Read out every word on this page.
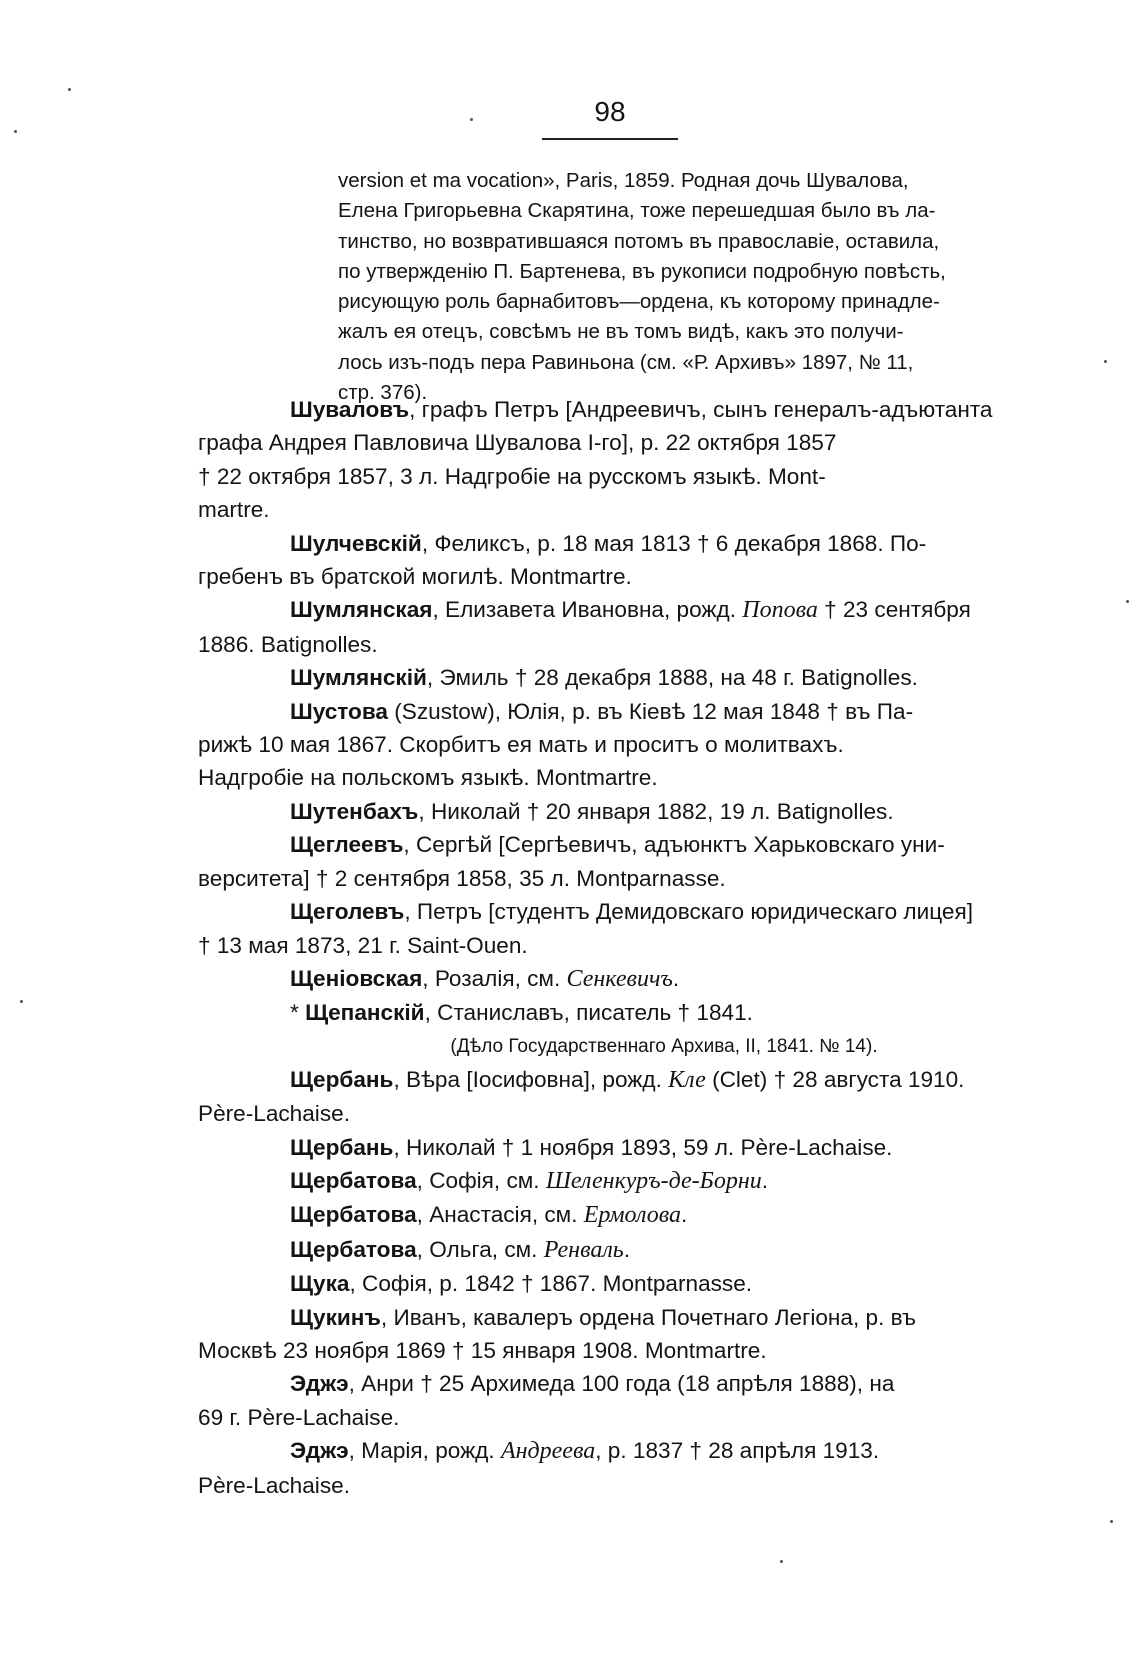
98
version et ma vocation», Paris, 1859. Родная дочь Шувалова,
Елена Григорьевна Скарятина, тоже перешедшая было въ ла-
тинство, но возвратившаяся потомъ въ православіе, оставила,
по утвержденію П. Бартенева, въ рукописи подробную повѣсть,
рисующую роль барнабитовъ—ордена, къ которому принадле-
жалъ ея отецъ, совсѣмъ не въ томъ видѣ, какъ это получи-
лось изъ-подъ пера Равиньона (см. «Р. Архивъ» 1897, № 11,
стр. 376).
Шуваловъ, графъ Петръ [Андреевичъ, сынъ генералъ-адъютанта
графа Андрея Павловича Шувалова I-го], р. 22 октября 1857
† 22 октября 1857, 3 л. Надгробіе на русскомъ языкѣ. Mont-
martre.
Шулчевскій, Феликсъ, р. 18 мая 1813 † 6 декабря 1868. По-
гребенъ въ братской могилѣ. Montmartre.
Шумлянская, Елизавета Ивановна, рожд. Попова † 23 сентября
1886. Batignolles.
Шумлянскій, Эмиль † 28 декабря 1888, на 48 г. Batignolles.
Шустова (Szustow), Юлія, р. въ Кіевѣ 12 мая 1848 † въ Па-
рижѣ 10 мая 1867. Скорбитъ ея мать и проситъ о молитвахъ.
Надгробіе на польскомъ языкѣ. Montmartre.
Шутенбахъ, Николай † 20 января 1882, 19 л. Batignolles.
Щеглеевъ, Сергѣй [Сергѣевичъ, адъюнктъ Харьковскаго уни-
верситета] † 2 сентября 1858, 35 л. Montparnasse.
Щеголевъ, Петръ [студентъ Демидовскаго юридическаго лицея]
† 13 мая 1873, 21 г. Saint-Ouen.
Щеніовская, Розалія, см. Сенкевичъ.
* Щепанскій, Станиславъ, писатель † 1841.
(Дѣло Государственнаго Архива, II, 1841. № 14).
Щербань, Вѣра [Іосифовна], рожд. Кле (Clet) † 28 августа 1910.
Père-Lachaise.
Щербань, Николай † 1 ноября 1893, 59 л. Père-Lachaise.
Щербатова, Софія, см. Шеленкуръ-де-Борни.
Щербатова, Анастасія, см. Ермолова.
Щербатова, Ольга, см. Ренваль.
Щука, Софія, р. 1842 † 1867. Montparnasse.
Щукинъ, Иванъ, кавалеръ ордена Почетнаго Легіона, р. въ
Москвѣ 23 ноября 1869 † 15 января 1908. Montmartre.
Эджэ, Анри † 25 Архимеда 100 года (18 апрѣля 1888), на
69 г. Père-Lachaise.
Эджэ, Марія, рожд. Андреева, р. 1837 † 28 апрѣля 1913.
Père-Lachaise.
